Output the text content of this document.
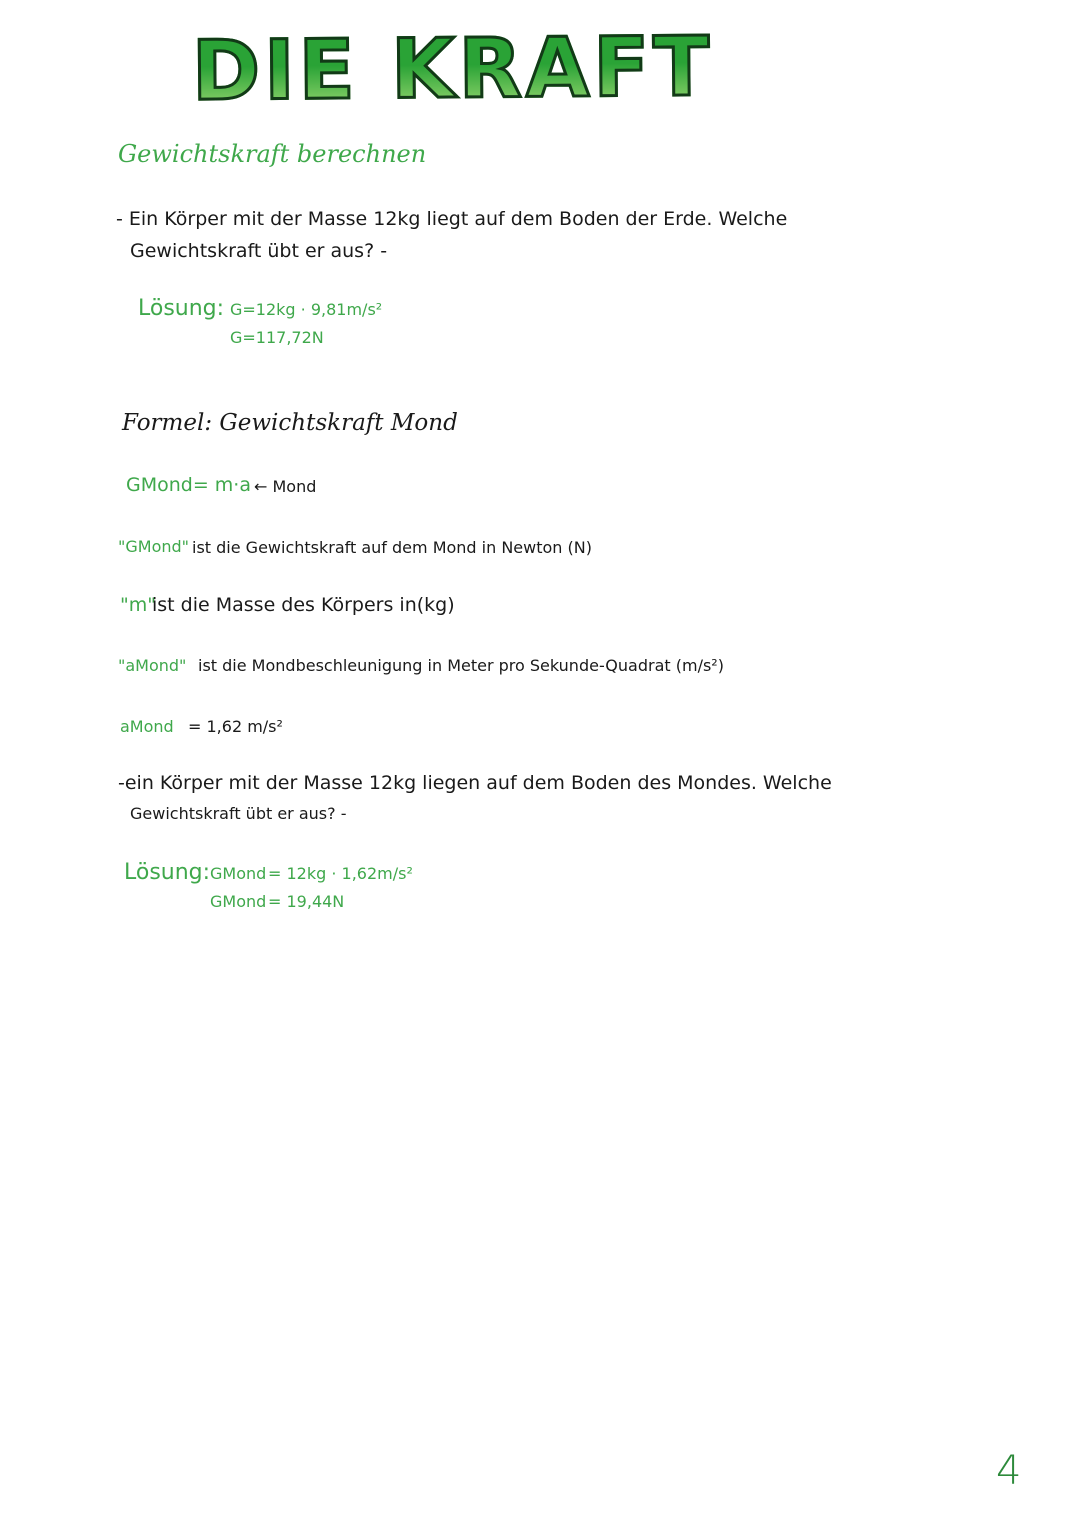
DIE KRAFT
Gewichtskraft berechnen
- Ein Körper mit der Masse 12kg liegt auf dem Boden der Erde. Welche
Gewichtskraft übt er aus? -
Lösung: G=12kg · 9,81m/s²
G=117,72N
Formel: Gewichtskraft Mond
GMond= m·a ← Mond
"GMond" ist die Gewichtskraft auf dem Mond in Newton (N)
"m"
ist die Masse des Körpers in(kg)
"aMond" ist die Mondbeschleunigung in Meter pro Sekunde-Quadrat (m/s²)
aMond = 1,62 m/s²
-ein Körper mit der Masse 12kg liegen auf dem Boden des Mondes. Welche
Gewichtskraft übt er aus? -
Lösung: GMond = 12kg · 1,62m/s²
GMond = 19,44N
4
